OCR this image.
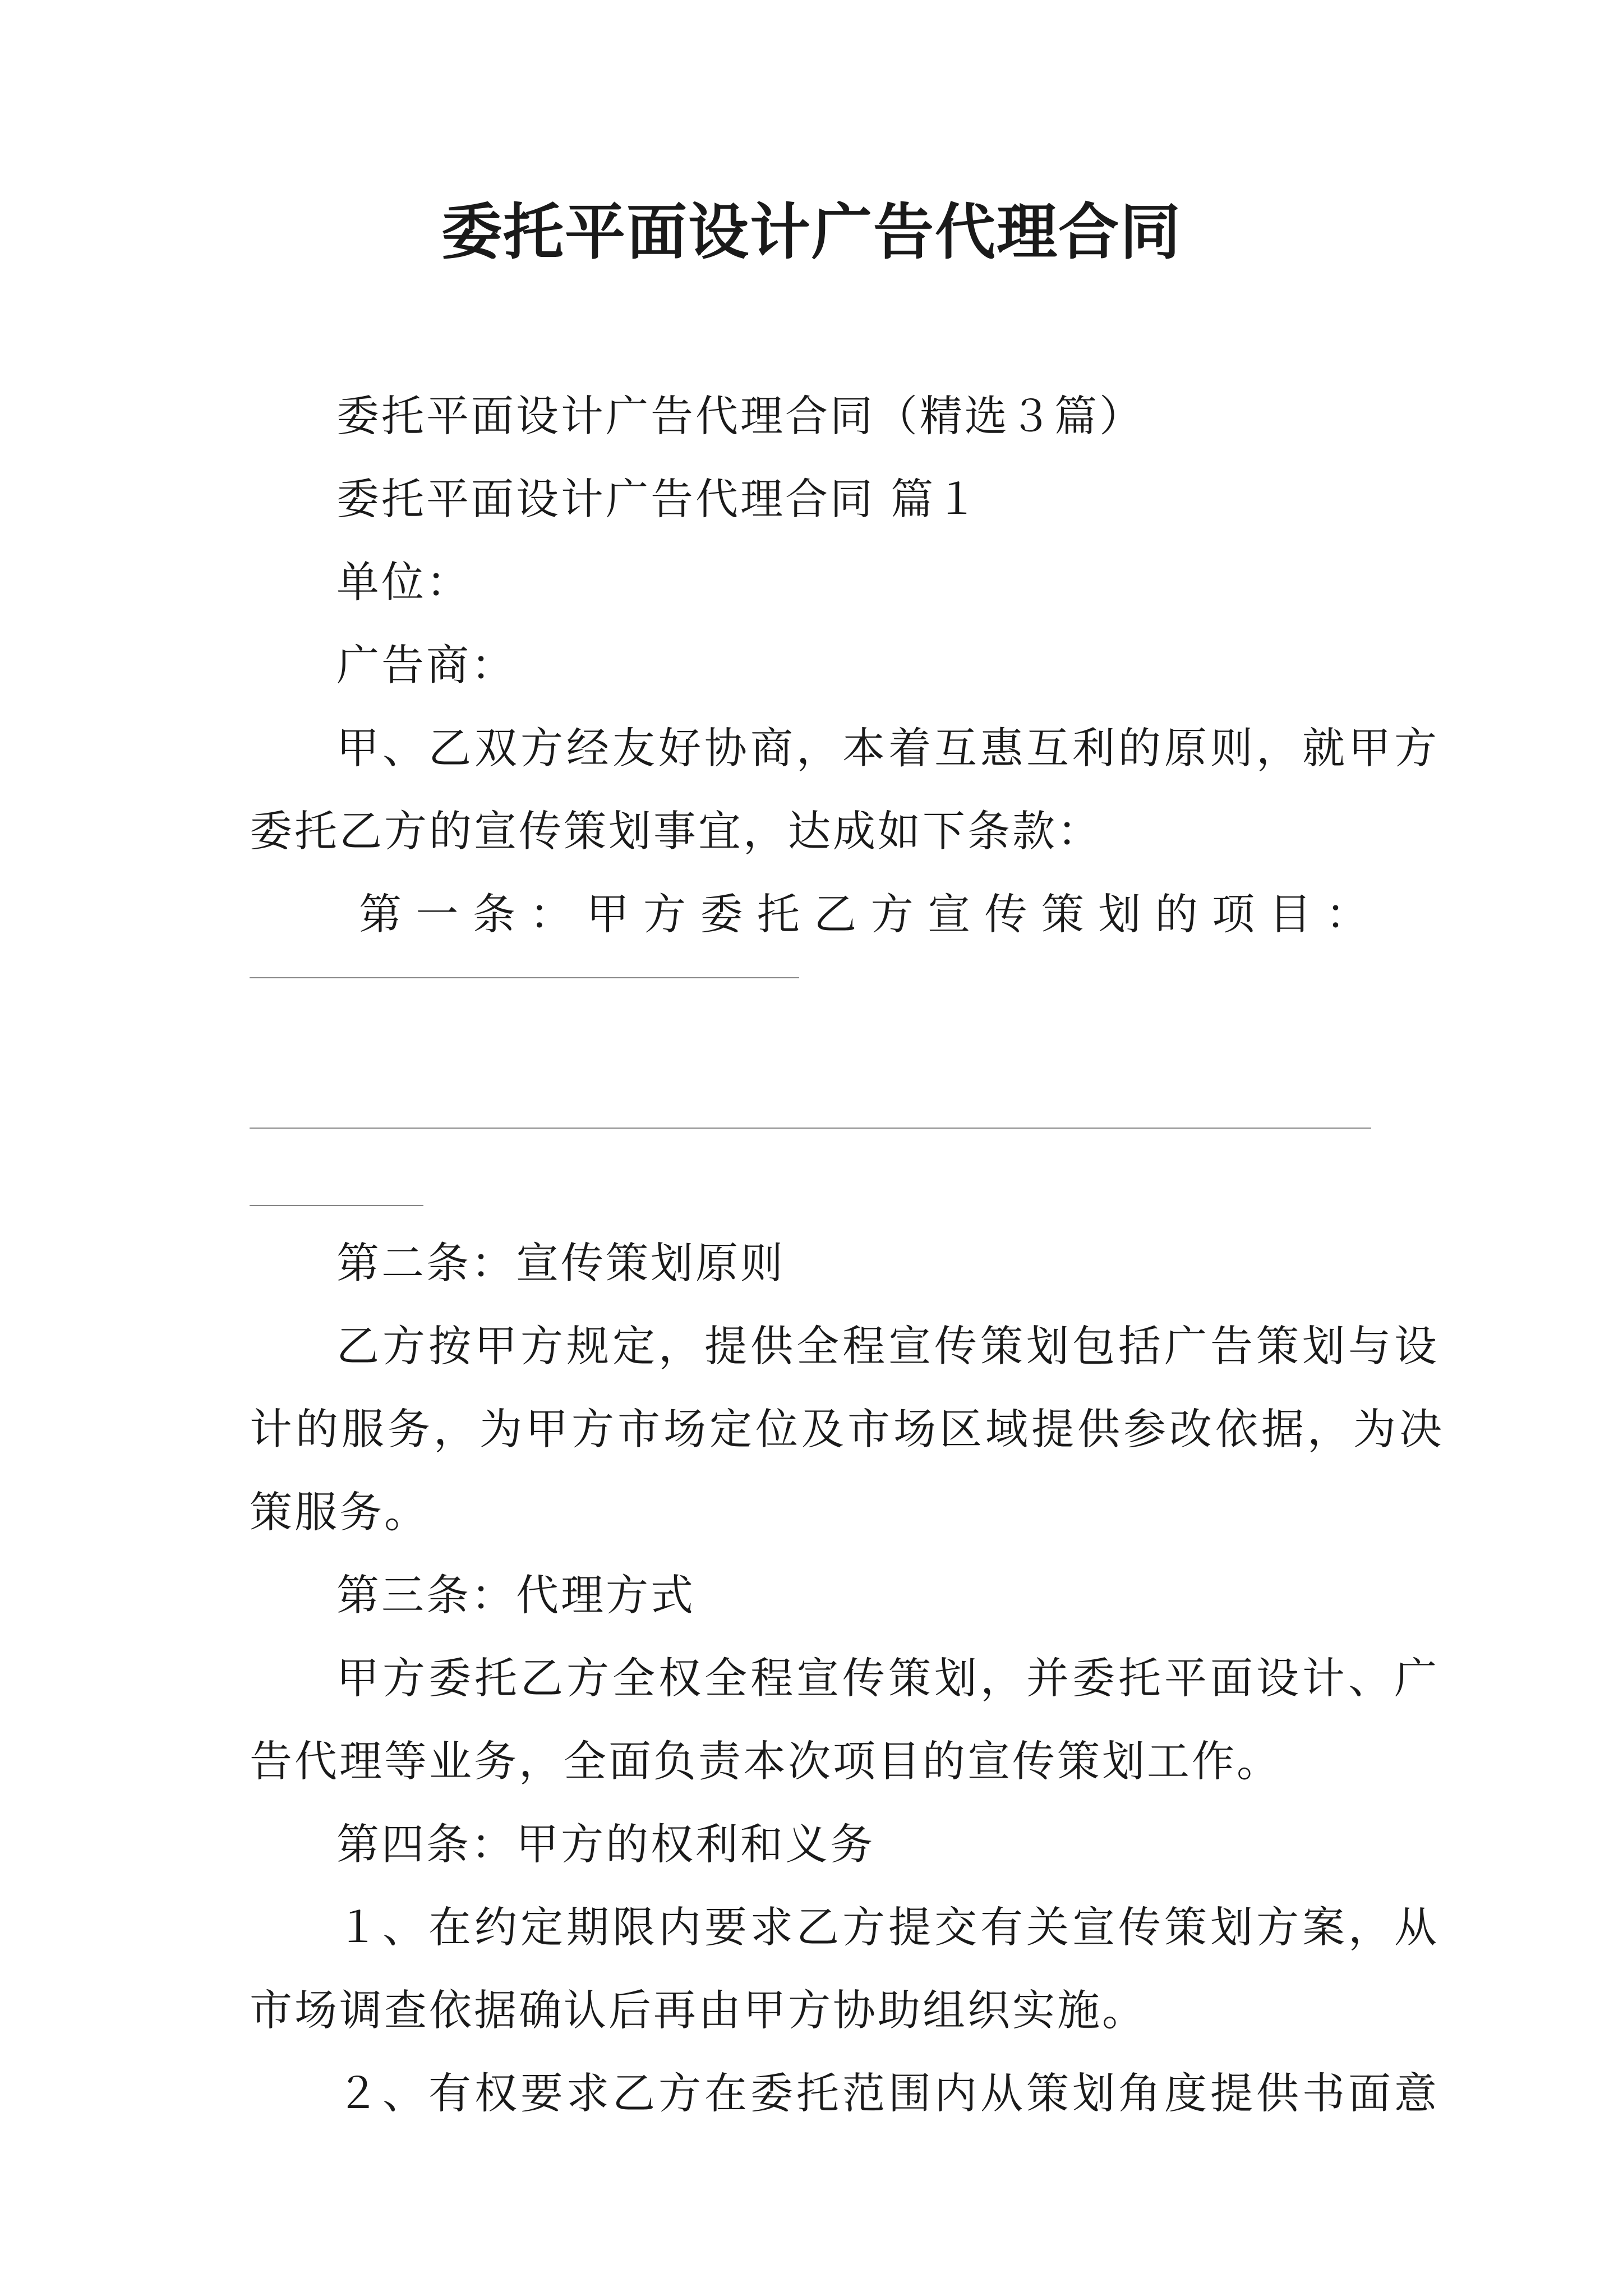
委托平面设计广告代理合同
委托平面设计广告代理合同（精选３篇）
委托平面设计广告代理合同 篇１
单位：
广告商：
甲、乙双方经友好协商，本着互惠互利的原则，就甲方
委托乙方的宣传策划事宜，达成如下条款：
第 一 条 ： 甲 方 委 托 乙 方 宣 传 策 划 的 项 目 ：
第二条：宣传策划原则
乙方按甲方规定，提供全程宣传策划包括广告策划与设
计的服务，为甲方市场定位及市场区域提供参改依据，为决
策服务。
第三条：代理方式
甲方委托乙方全权全程宣传策划，并委托平面设计、广
告代理等业务，全面负责本次项目的宣传策划工作。
第四条：甲方的权利和义务
１、在约定期限内要求乙方提交有关宣传策划方案，从
市场调查依据确认后再由甲方协助组织实施。
２、有权要求乙方在委托范围内从策划角度提供书面意
